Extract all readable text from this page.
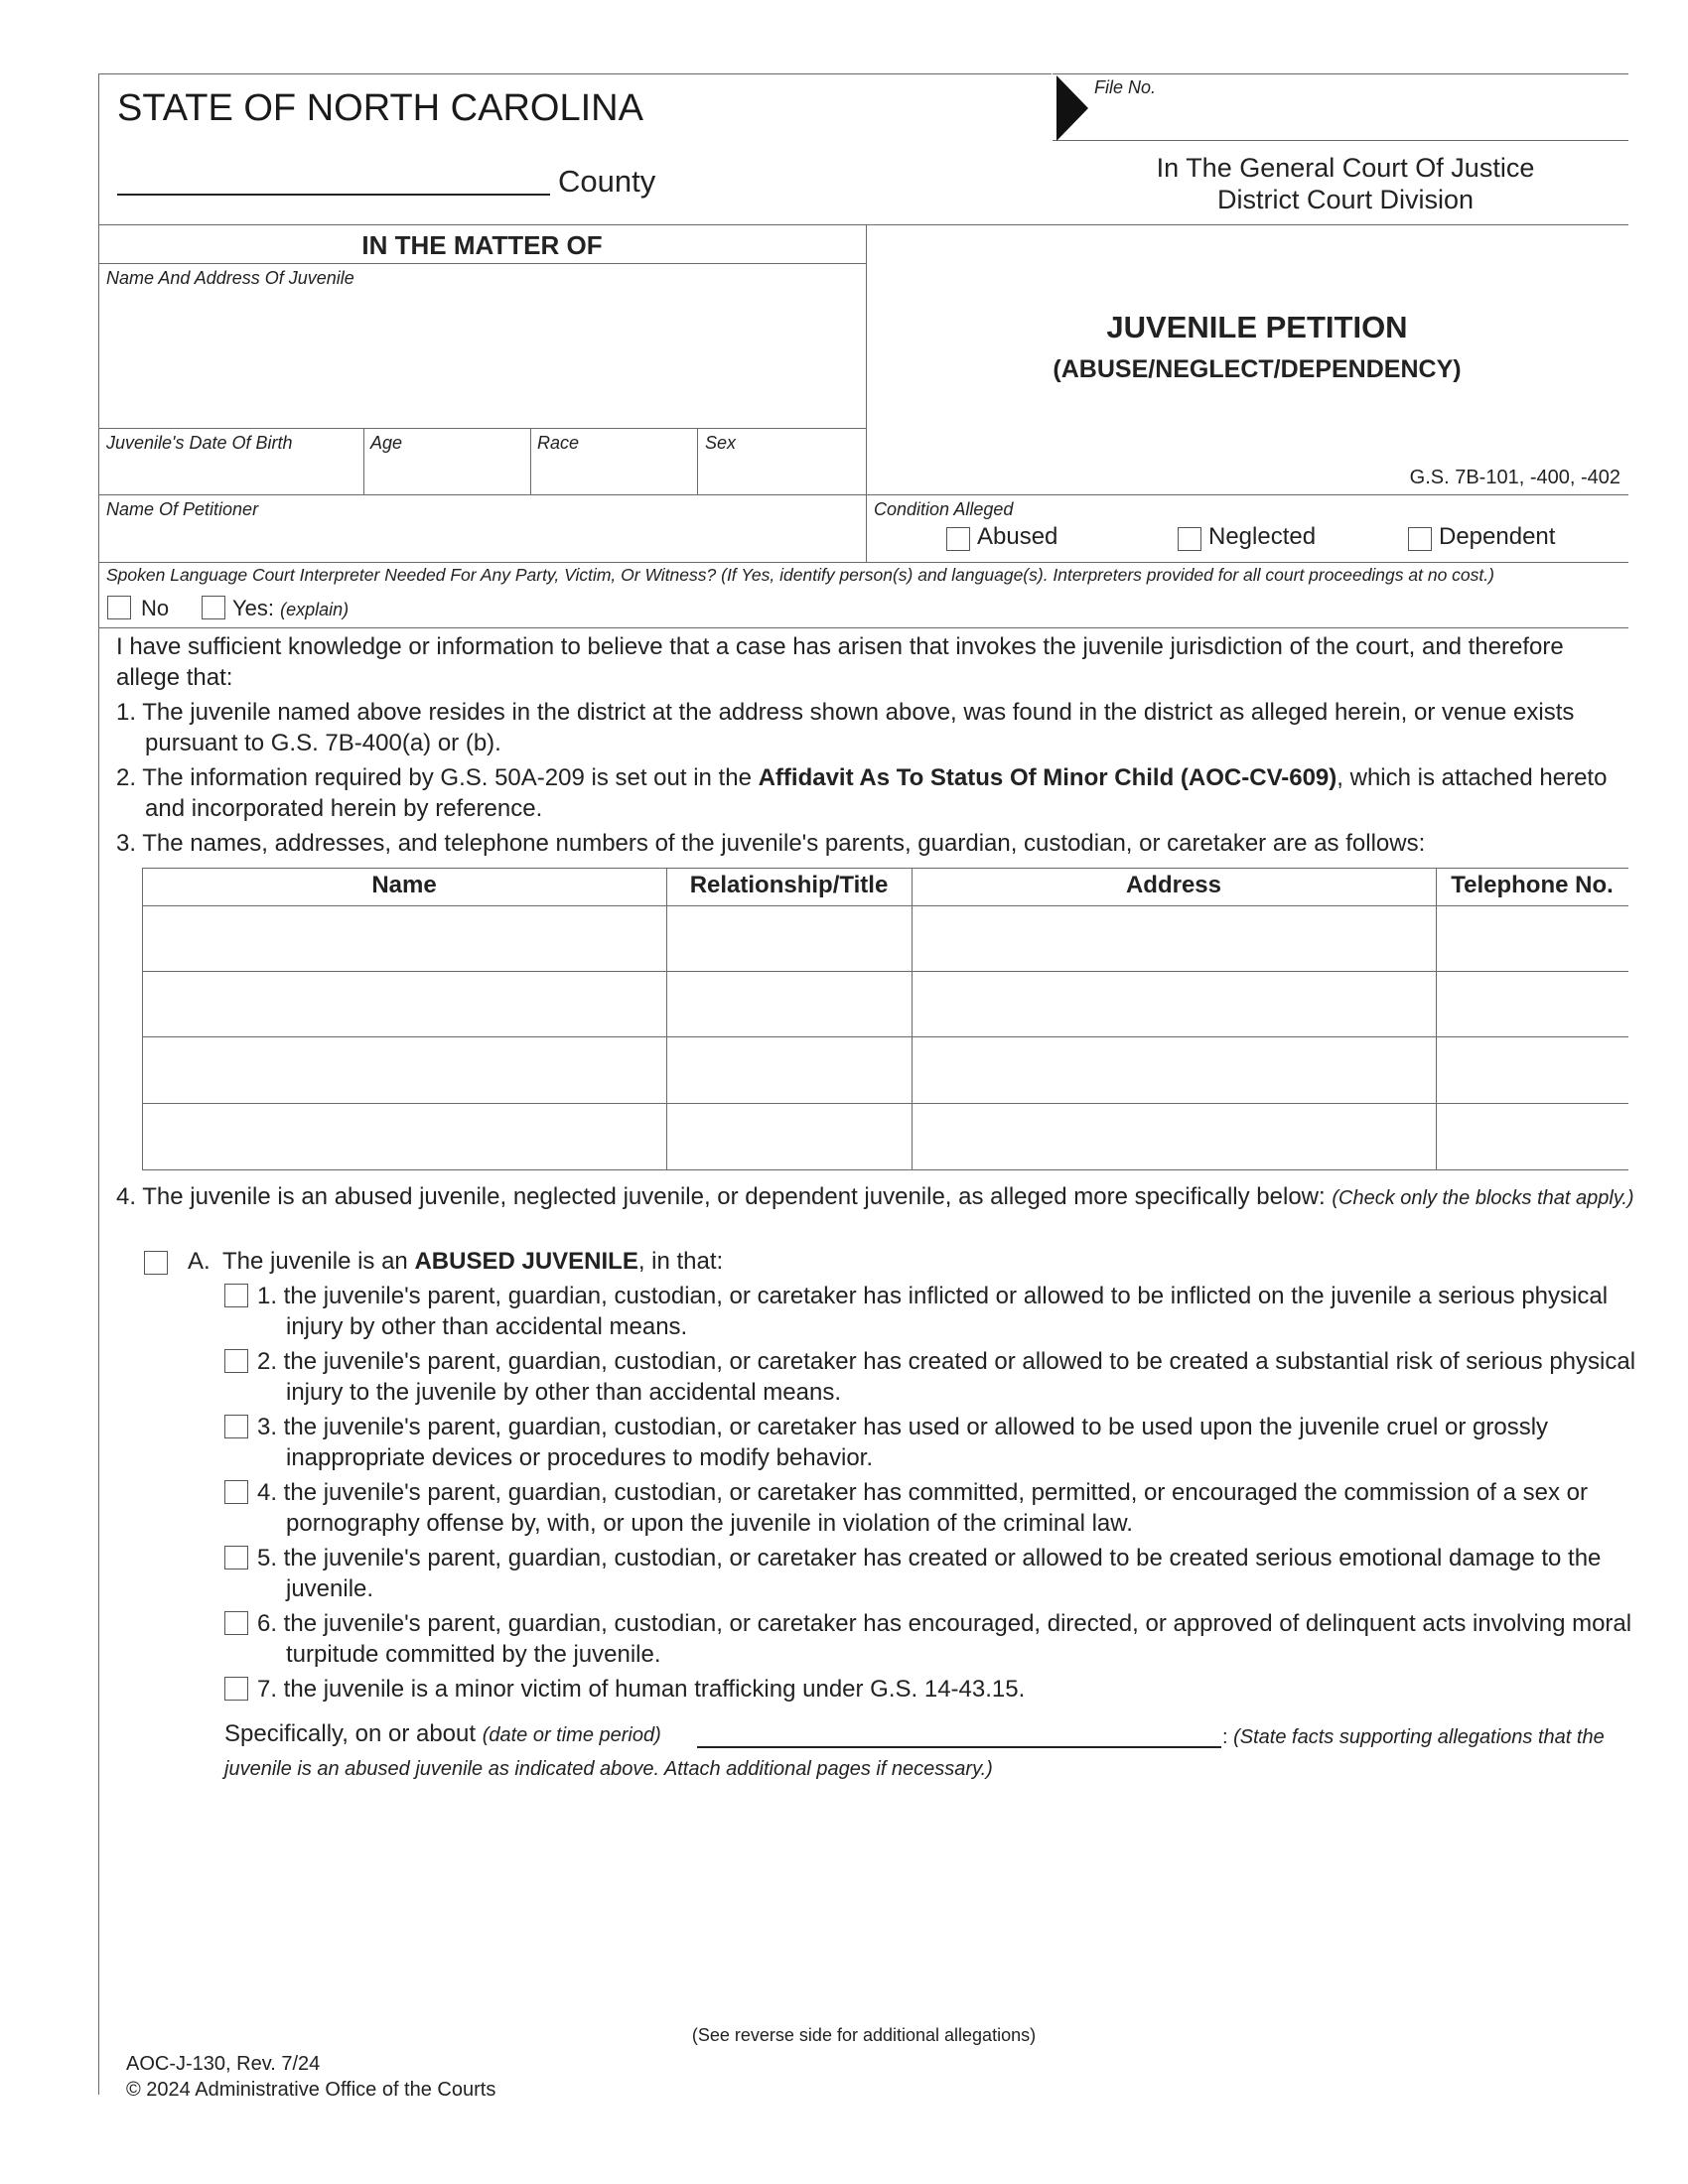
STATE OF NORTH CAROLINA
County
File No.
In The General Court Of Justice
District Court Division
IN THE MATTER OF
Name And Address Of Juvenile
Juvenile's Date Of Birth	Age	Race	Sex
Name Of Petitioner
JUVENILE PETITION
(ABUSE/NEGLECT/DEPENDENCY)
G.S. 7B-101, -400, -402
Condition Alleged
Abused	Neglected	Dependent
Spoken Language Court Interpreter Needed For Any Party, Victim, Or Witness? (If Yes, identify person(s) and language(s). Interpreters provided for all court proceedings at no cost.)
No	Yes: (explain)
I have sufficient knowledge or information to believe that a case has arisen that invokes the juvenile jurisdiction of the court, and therefore allege that:
1. The juvenile named above resides in the district at the address shown above, was found in the district as alleged herein, or venue exists pursuant to G.S. 7B-400(a) or (b).
2. The information required by G.S. 50A-209 is set out in the Affidavit As To Status Of Minor Child (AOC-CV-609), which is attached hereto and incorporated herein by reference.
3. The names, addresses, and telephone numbers of the juvenile's parents, guardian, custodian, or caretaker are as follows:
Name	Relationship/Title	Address	Telephone No.
4. The juvenile is an abused juvenile, neglected juvenile, or dependent juvenile, as alleged more specifically below: (Check only the blocks that apply.)
A. The juvenile is an ABUSED JUVENILE, in that:
1. the juvenile's parent, guardian, custodian, or caretaker has inflicted or allowed to be inflicted on the juvenile a serious physical injury by other than accidental means.
2. the juvenile's parent, guardian, custodian, or caretaker has created or allowed to be created a substantial risk of serious physical injury to the juvenile by other than accidental means.
3. the juvenile's parent, guardian, custodian, or caretaker has used or allowed to be used upon the juvenile cruel or grossly inappropriate devices or procedures to modify behavior.
4. the juvenile's parent, guardian, custodian, or caretaker has committed, permitted, or encouraged the commission of a sex or pornography offense by, with, or upon the juvenile in violation of the criminal law.
5. the juvenile's parent, guardian, custodian, or caretaker has created or allowed to be created serious emotional damage to the juvenile.
6. the juvenile's parent, guardian, custodian, or caretaker has encouraged, directed, or approved of delinquent acts involving moral turpitude committed by the juvenile.
7. the juvenile is a minor victim of human trafficking under G.S. 14-43.15.
Specifically, on or about (date or time period)	: (State facts supporting allegations that the juvenile is an abused juvenile as indicated above. Attach additional pages if necessary.)
(See reverse side for additional allegations)
AOC-J-130, Rev. 7/24
© 2024 Administrative Office of the Courts
